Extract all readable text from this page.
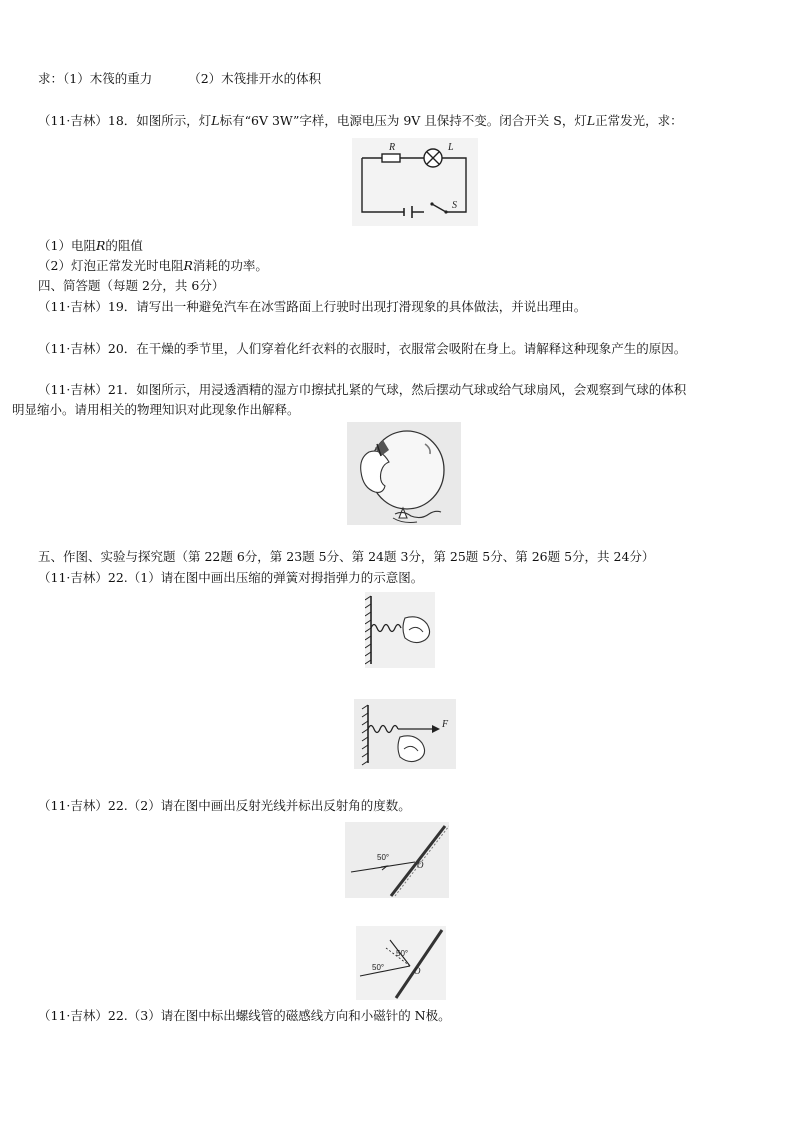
求：（1）木筏的重力	（2）木筏排开水的体积
（11·吉林）18．如图所示，灯L标有“6V 3W”字样，电源电压为 9V 且保持不变。闭合开关 S，灯L正常发光，求：
R	L
S
（1）电阻R的阻值
（2）灯泡正常发光时电阻R消耗的功率。
四、简答题（每题 2分，共 6分）
（11·吉林）19．请写出一种避免汽车在冰雪路面上行驶时出现打滑现象的具体做法，并说出理由。
（11·吉林）20．在干燥的季节里，人们穿着化纤衣料的衣服时，衣服常会吸附在身上。请解释这种现象产生的原因。
（11·吉林）21．如图所示，用浸透酒精的湿方巾擦拭扎紧的气球，然后摆动气球或给气球扇风，会观察到气球的体积
明显缩小。请用相关的物理知识对此现象作出解释。
五、作图、实验与探究题（第 22题 6分，第 23题 5分、第 24题 3分，第 25题 5分、第 26题 5分，共 24分）
（11·吉林）22.（1）请在图中画出压缩的弹簧对拇指弹力的示意图。
F
（11·吉林）22.（2）请在图中画出反射光线并标出反射角的度数。
50°
O
50°
50°	O
（11·吉林）22.（3）请在图中标出螺线管的磁感线方向和小磁针的 N极。
